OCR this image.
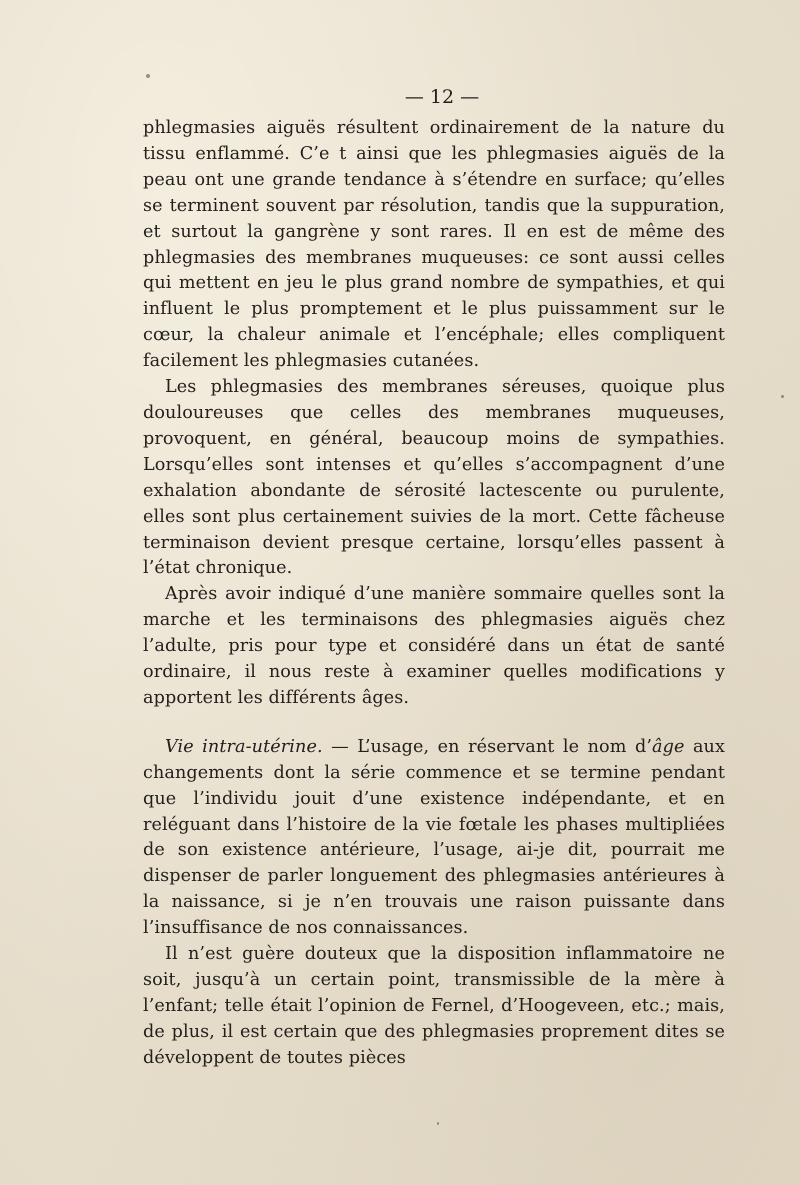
— 12 —

phlegmasies aiguës résultent ordinairement de la nature du tissu enflammé. C’e t ainsi que les phlegmasies aiguës de la peau ont une grande tendance à s’étendre en surface; qu’elles se terminent souvent par résolution, tandis que la suppuration, et surtout la gangrène y sont rares. Il en est de même des phlegmasies des membranes muqueuses: ce sont aussi celles qui mettent en jeu le plus grand nombre de sympathies, et qui influent le plus promptement et le plus puissamment sur le cœur, la chaleur animale et l’encéphale; elles compliquent facilement les phlegmasies cutanées.

Les phlegmasies des membranes séreuses, quoique plus douloureuses que celles des membranes muqueuses, provoquent, en général, beaucoup moins de sympathies. Lorsqu’elles sont intenses et qu’elles s’accompagnent d’une exhalation abondante de sérosité lactescente ou purulente, elles sont plus certainement suivies de la mort. Cette fâcheuse terminaison devient presque certaine, lorsqu’elles passent à l’état chronique.

Après avoir indiqué d’une manière sommaire quelles sont la marche et les terminaisons des phlegmasies aiguës chez l’adulte, pris pour type et considéré dans un état de santé ordinaire, il nous reste à examiner quelles modifications y apportent les différents âges.

Vie intra-utérine. — L’usage, en réservant le nom d’âge aux changements dont la série commence et se termine pendant que l’individu jouit d’une existence indépendante, et en reléguant dans l’histoire de la vie fœtale les phases multipliées de son existence antérieure, l’usage, ai-je dit, pourrait me dispenser de parler longuement des phlegmasies antérieures à la naissance, si je n’en trouvais une raison puissante dans l’insuffisance de nos connaissances.

Il n’est guère douteux que la disposition inflammatoire ne soit, jusqu’à un certain point, transmissible de la mère à l’enfant; telle était l’opinion de Fernel, d’Hoogeveen, etc.; mais, de plus, il est certain que des phlegmasies proprement dites se développent de toutes pièces
